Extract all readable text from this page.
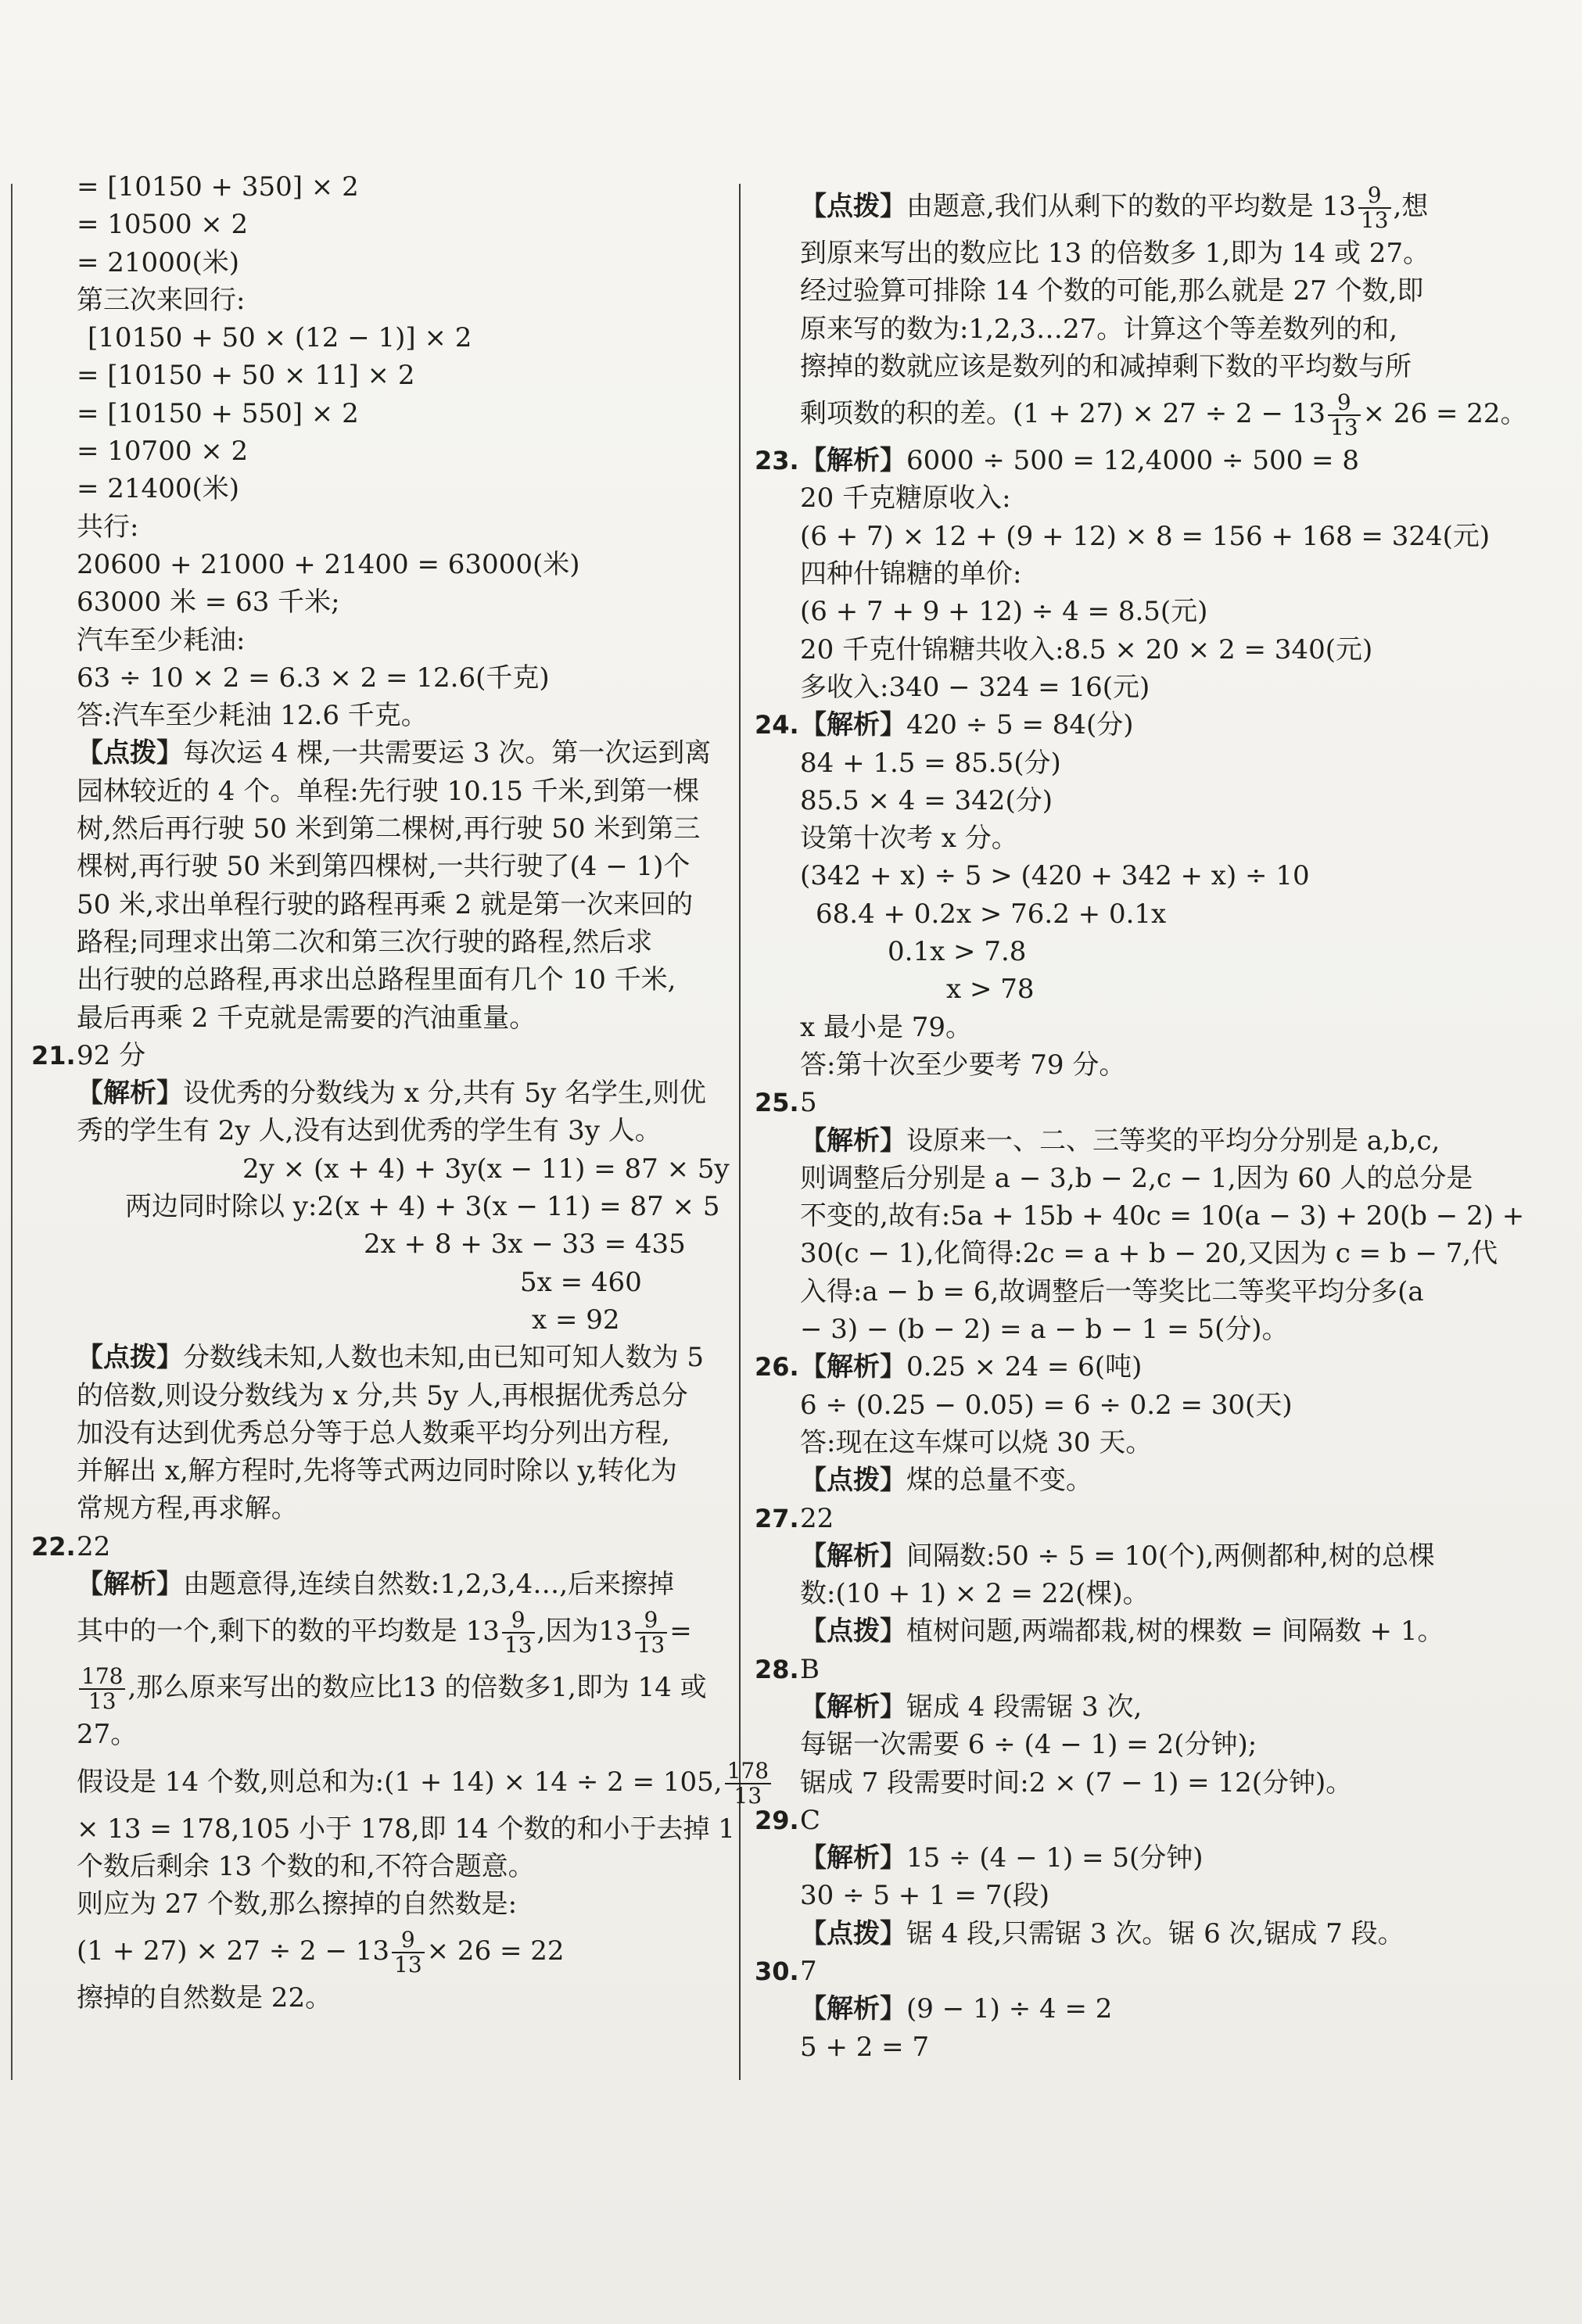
= [10150 + 350] × 2
= 10500 × 2
= 21000(米)
第三次来回行:
[10150 + 50 × (12 − 1)] × 2
= [10150 + 50 × 11] × 2
= [10150 + 550] × 2
= 10700 × 2
= 21400(米)
共行:
20600 + 21000 + 21400 = 63000(米)
63000 米 = 63 千米;
汽车至少耗油:
63 ÷ 10 × 2 = 6.3 × 2 = 12.6(千克)
答:汽车至少耗油 12.6 千克。
【点拨】每次运 4 棵,一共需要运 3 次。第一次运到离
园林较近的 4 个。单程:先行驶 10.15 千米,到第一棵
树,然后再行驶 50 米到第二棵树,再行驶 50 米到第三
棵树,再行驶 50 米到第四棵树,一共行驶了(4 − 1)个
50 米,求出单程行驶的路程再乘 2 就是第一次来回的
路程;同理求出第二次和第三次行驶的路程,然后求
出行驶的总路程,再求出总路程里面有几个 10 千米,
最后再乘 2 千克就是需要的汽油重量。
21. 92 分
【解析】设优秀的分数线为 x 分,共有 5y 名学生,则优
秀的学生有 2y 人,没有达到优秀的学生有 3y 人。
2y × (x + 4) + 3y(x − 11) = 87 × 5y
两边同时除以 y:2(x + 4) + 3(x − 11) = 87 × 5
2x + 8 + 3x − 33 = 435
5x = 460
x = 92
【点拨】分数线未知,人数也未知,由已知可知人数为 5
的倍数,则设分数线为 x 分,共 5y 人,再根据优秀总分
加没有达到优秀总分等于总人数乘平均分列出方程,
并解出 x,解方程时,先将等式两边同时除以 y,转化为
常规方程,再求解。
22. 22
【解析】由题意得,连续自然数:1,2,3,4…,后来擦掉
其中的一个,剩下的数的平均数是 $13 \frac{9}{13}$ ,因为$13 \frac{9}{13}$ =
$\frac{178}{13}$ ,那么原来写出的数应比13 的倍数多1,即为 14 或
27。
假设是 14 个数,则总和为:(1 + 14) × 14 ÷ 2 = 105, $\frac{178}{13}$
× 13 = 178,105 小于 178,即 14 个数的和小于去掉 1
个数后剩余 13 个数的和,不符合题意。
则应为 27 个数,那么擦掉的自然数是:
$(1 + 27) \times 27 \div 2 - 13 \frac{9}{13} \times 26 = 22$
擦掉的自然数是 22。
【点拨】由题意,我们从剩下的数的平均数是 $13 \frac{9}{13}$ ,想
到原来写出的数应比 13 的倍数多 1,即为 14 或 27。
经过验算可排除 14 个数的可能,那么就是 27 个数,即
原来写的数为:1,2,3…27。计算这个等差数列的和,
擦掉的数就应该是数列的和减掉剩下数的平均数与所
剩项数的积的差。$(1 + 27) \times 27 \div 2 - 13 \frac{9}{13} \times 26 = 22$。
23. 【解析】6000 ÷ 500 = 12,4000 ÷ 500 = 8
20 千克糖原收入:
(6 + 7) × 12 + (9 + 12) × 8 = 156 + 168 = 324(元)
四种什锦糖的单价:
(6 + 7 + 9 + 12) ÷ 4 = 8.5(元)
20 千克什锦糖共收入:8.5 × 20 × 2 = 340(元)
多收入:340 − 324 = 16(元)
24. 【解析】420 ÷ 5 = 84(分)
84 + 1.5 = 85.5(分)
85.5 × 4 = 342(分)
设第十次考 x 分。
(342 + x) ÷ 5 > (420 + 342 + x) ÷ 10
68.4 + 0.2x > 76.2 + 0.1x
0.1x > 7.8
x > 78
x 最小是 79。
答:第十次至少要考 79 分。
25. 5
【解析】设原来一、二、三等奖的平均分分别是 a,b,c,
则调整后分别是 a − 3,b − 2,c − 1,因为 60 人的总分是
不变的,故有:5a + 15b + 40c = 10(a − 3) + 20(b − 2) +
30(c − 1),化简得:2c = a + b − 20,又因为 c = b − 7,代
入得:a − b = 6,故调整后一等奖比二等奖平均分多(a
− 3) − (b − 2) = a − b − 1 = 5(分)。
26. 【解析】0.25 × 24 = 6(吨)
6 ÷ (0.25 − 0.05) = 6 ÷ 0.2 = 30(天)
答:现在这车煤可以烧 30 天。
【点拨】煤的总量不变。
27. 22
【解析】间隔数:50 ÷ 5 = 10(个),两侧都种,树的总棵
数:(10 + 1) × 2 = 22(棵)。
【点拨】植树问题,两端都栽,树的棵数 = 间隔数 + 1。
28. B
【解析】锯成 4 段需锯 3 次,
每锯一次需要 6 ÷ (4 − 1) = 2(分钟);
锯成 7 段需要时间:2 × (7 − 1) = 12(分钟)。
29. C
【解析】15 ÷ (4 − 1) = 5(分钟)
30 ÷ 5 + 1 = 7(段)
【点拨】锯 4 段,只需锯 3 次。锯 6 次,锯成 7 段。
30. 7
【解析】(9 − 1) ÷ 4 = 2
5 + 2 = 7
